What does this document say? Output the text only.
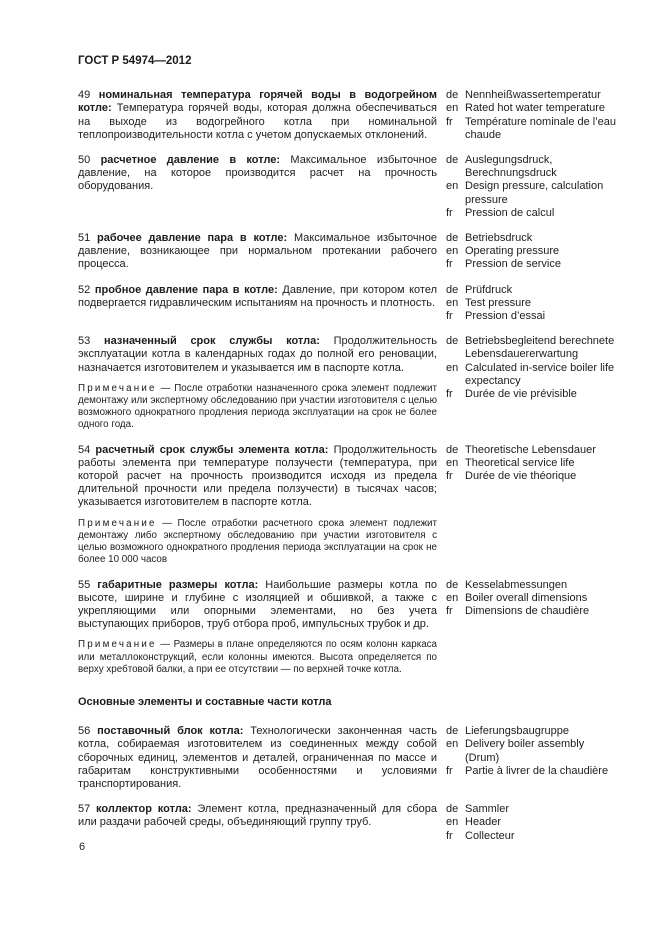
ГОСТ Р 54974—2012

49 номинальная температура горячей воды в водогрейном котле: Температура горячей воды, которая должна обеспечиваться на выходе из водогрейного котла при номинальной теплопроизводительности котла с учетом допускаемых отклонений.

de Nennheißwassertemperatur
en Rated hot water temperature
fr	Température nominale de l’eau chaude

50 расчетное давление в котле: Максимальное избыточное давление, на которое производится расчет на прочность оборудования.

de Auslegungsdruck, Berechnungsdruck
en Design pressure, calculation pressure
fr	Pression de calcul

51 рабочее давление пара в котле: Максимальное избыточное давление, возникающее при нормальном протекании рабочего процесса.

de Betriebsdruck
en Operating pressure
fr	Pression de service

52 пробное давление пара в котле: Давление, при котором котел подвергается гидравлическим испытаниям на прочность и плотность.

de Prüfdruck
en Test pressure
fr	Pression d’essai

53 назначенный срок службы котла: Продолжительность эксплуатации котла в календарных годах до полной его реновации, назначается изготовителем и указывается им в паспорте котла.

Примечание — После отработки назначенного срока элемент подлежит демонтажу или экспертному обследованию при участии изготовителя с целью возможного однократного продления периода эксплуатации на срок не более одного года.

de Betriebsbegleitend berechnete Lebensdauererwartung
en Calculated in-service boiler life expectancy
fr	Durée de vie prévisible

54 расчетный срок службы элемента котла: Продолжительность работы элемента при температуре ползучести (температура, при которой расчет на прочность производится исходя из предела длительной прочности или предела ползучести) в тысячах часов; указывается изготовителем в паспорте котла.

Примечание — После отработки расчетного срока элемент подлежит демонтажу либо экспертному обследованию при участии изготовителя с целью возможного однократного продления периода эксплуатации на срок не более 10 000 часов

de Theoretische Lebensdauer
en Theoretical service life
fr	Durée de vie théorique

55 габаритные размеры котла: Наибольшие размеры котла по высоте, ширине и глубине с изоляцией и обшивкой, а также с укрепляющими или опорными элементами, но без учета выступающих приборов, труб отбора проб, импульсных трубок и др.

Примечание — Размеры в плане определяются по осям колонн каркаса или металлоконструкций, если колонны имеются. Высота определяется по верху хребтовой балки, а при ее отсутствии — по верхней точке котла.

de Kesselabmessungen
en Boiler overall dimensions
fr	Dimensions de chaudière
Основные элементы и составные части котла

56 поставочный блок котла: Технологически законченная часть котла, собираемая изготовителем из соединенных между собой сборочных единиц, элементов и деталей, ограниченная по массе и габаритам конструктивными особенностями и условиями транспортирования.

de Lieferungsbaugruppe
en Delivery boiler assembly (Drum)
fr	Partie à livrer de la chaudière

57 коллектор котла: Элемент котла, предназначенный для сбора или раздачи рабочей среды, объединяющий группу труб.

de Sammler
en Header
fr	Collecteur
6
